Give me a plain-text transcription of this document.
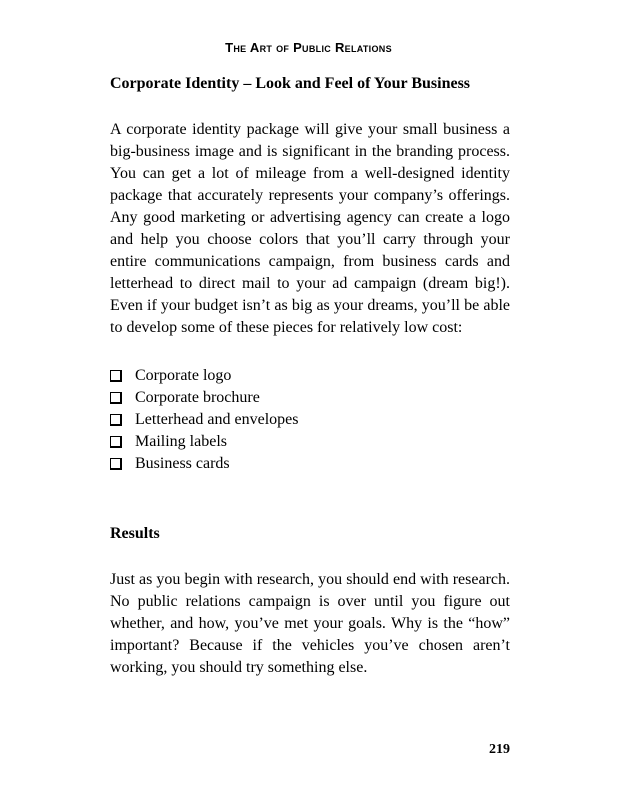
The Art of Public Relations
Corporate Identity – Look and Feel of Your Business

A corporate identity package will give your small business a big-business image and is significant in the branding process. You can get a lot of mileage from a well-designed identity package that accurately represents your company’s offerings. Any good marketing or advertising agency can create a logo and help you choose colors that you’ll carry through your entire communications campaign, from business cards and letterhead to direct mail to your ad campaign (dream big!). Even if your budget isn’t as big as your dreams, you’ll be able to develop some of these pieces for relatively low cost:

Corporate logo
Corporate brochure
Letterhead and envelopes
Mailing labels
Business cards
Results

Just as you begin with research, you should end with research. No public relations campaign is over until you figure out whether, and how, you’ve met your goals. Why is the “how” important? Because if the vehicles you’ve chosen aren’t working, you should try something else.

219
